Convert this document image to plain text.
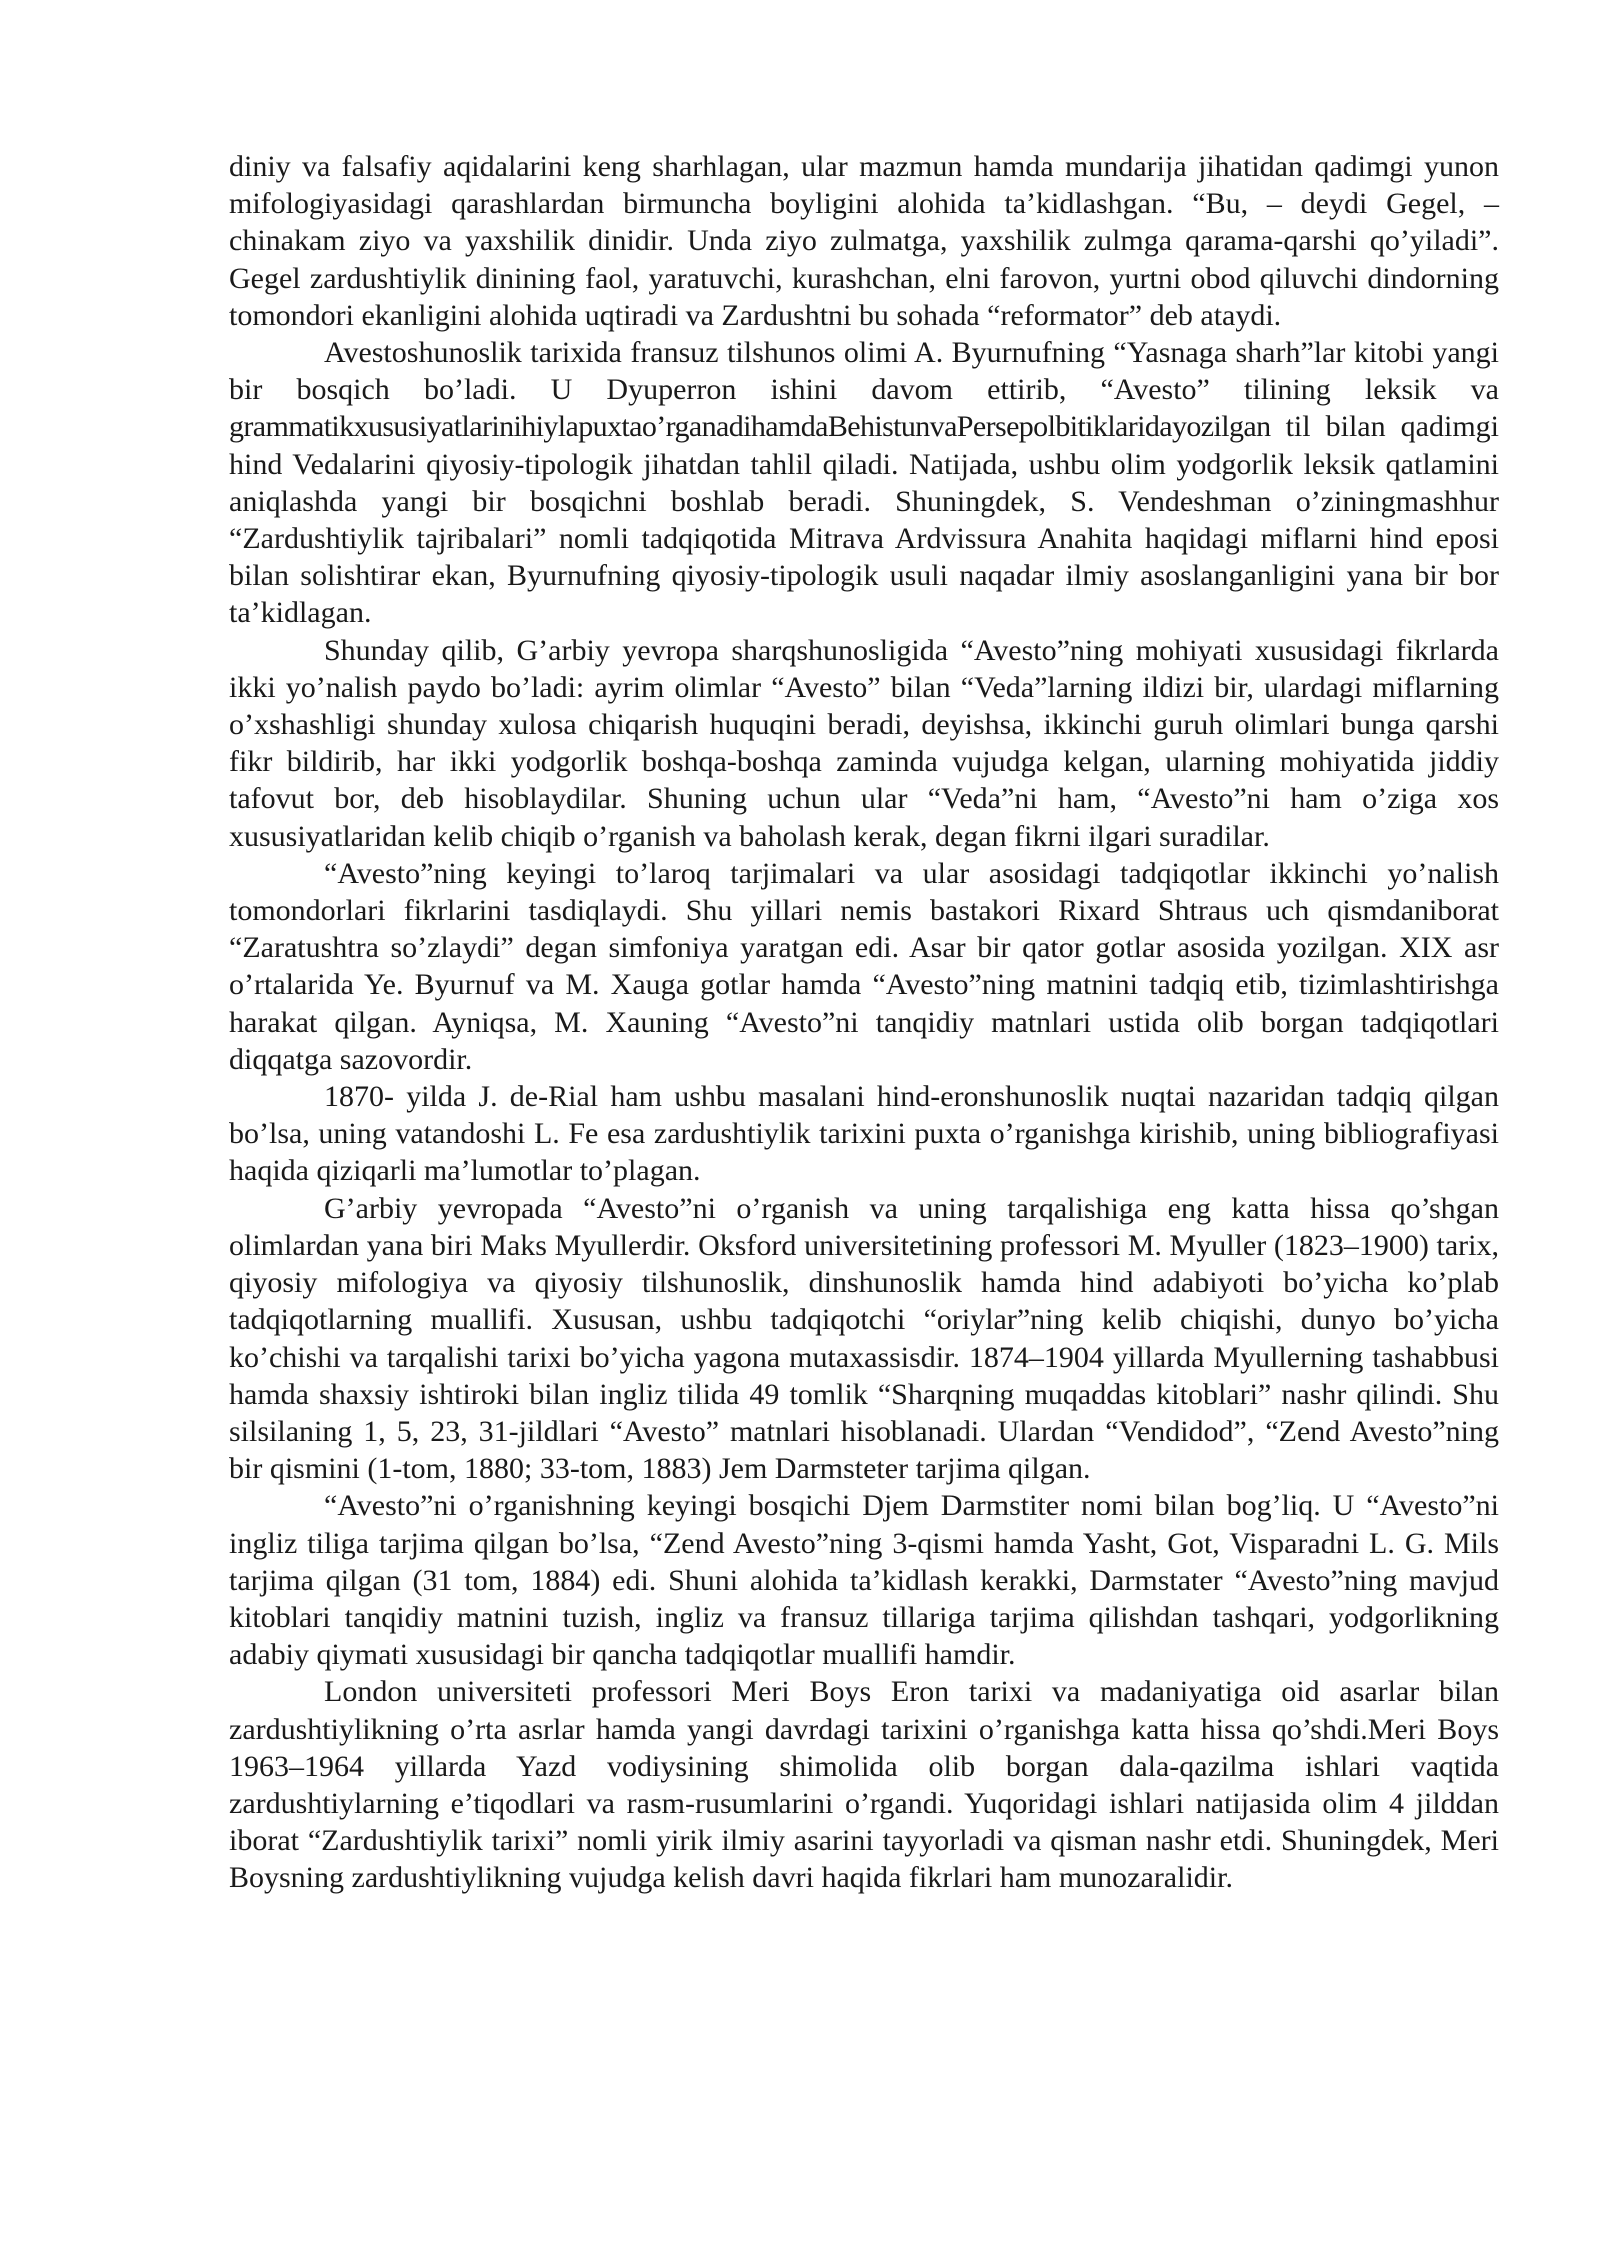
diniy va falsafiy aqidalarini keng sharhlagan, ular mazmun hamda mundarija jihatidan qadimgi yunon mifologiyasidagi qarashlardan birmuncha boyligini alohida ta’kidlashgan. “Bu, – deydi Gegel, – chinakam ziyo va yaxshilik dinidir. Unda ziyo zulmatga, yaxshilik zulmga qarama-qarshi qo’yiladi”. Gegel zardushtiylik dinining faol, yaratuvchi, kurashchan, elni farovon, yurtni obod qiluvchi dindorning tomondori ekanligini alohida uqtiradi va Zardushtni bu sohada “reformator” deb ataydi.

Avestoshunoslik tarixida fransuz tilshunos olimi A. Byurnufning “Yasnaga sharh”lar kitobi yangi bir bosqich bo’ladi. U Dyuperron ishini davom ettirib, “Avesto” tilining leksik va grammatikxususiyatlarinihiylapuxtao’rganadihamdaBehistunvaPersepolbitiklaridayozilgan til bilan qadimgi hind Vedalarini qiyosiy-tipologik jihatdan tahlil qiladi. Natijada, ushbu olim yodgorlik leksik qatlamini aniqlashda yangi bir bosqichni boshlab beradi. Shuningdek, S. Vendeshman o’ziningmashhur “Zardushtiylik tajribalari” nomli tadqiqotida Mitrava Ardvissura Anahita haqidagi miflarni hind eposi bilan solishtirar ekan, Byurnufning qiyosiy-tipologik usuli naqadar ilmiy asoslanganligini yana bir bor ta’kidlagan.

Shunday qilib, G’arbiy yevropa sharqshunosligida “Avesto”ning mohiyati xususidagi fikrlarda ikki yo’nalish paydo bo’ladi: ayrim olimlar “Avesto” bilan “Veda”larning ildizi bir, ulardagi miflarning o’xshashligi shunday xulosa chiqarish huquqini beradi, deyishsa, ikkinchi guruh olimlari bunga qarshi fikr bildirib, har ikki yodgorlik boshqa-boshqa zaminda vujudga kelgan, ularning mohiyatida jiddiy tafovut bor, deb hisoblaydilar. Shuning uchun ular “Veda”ni ham, “Avesto”ni ham o’ziga xos xususiyatlaridan kelib chiqib o’rganish va baholash kerak, degan fikrni ilgari suradilar.

“Avesto”ning keyingi to’laroq tarjimalari va ular asosidagi tadqiqotlar ikkinchi yo’nalish tomondorlari fikrlarini tasdiqlaydi. Shu yillari nemis bastakori Rixard Shtraus uch qismdaniborat “Zaratushtra so’zlaydi” degan simfoniya yaratgan edi. Asar bir qator gotlar asosida yozilgan. XIX asr o’rtalarida Ye. Byurnuf va M. Xauga gotlar hamda “Avesto”ning matnini tadqiq etib, tizimlashtirishga harakat qilgan. Ayniqsa, M. Xauning “Avesto”ni tanqidiy matnlari ustida olib borgan tadqiqotlari diqqatga sazovordir.

1870- yilda J. de-Rial ham ushbu masalani hind-eronshunoslik nuqtai nazaridan tadqiq qilgan bo’lsa, uning vatandoshi L. Fe esa zardushtiylik tarixini puxta o’rganishga kirishib, uning bibliografiyasi haqida qiziqarli ma’lumotlar to’plagan.

G’arbiy yevropada “Avesto”ni o’rganish va uning tarqalishiga eng katta hissa qo’shgan olimlardan yana biri Maks Myullerdir. Oksford universitetining professori M. Myuller (1823–1900) tarix, qiyosiy mifologiya va qiyosiy tilshunoslik, dinshunoslik hamda hind adabiyoti bo’yicha ko’plab tadqiqotlarning muallifi. Xususan, ushbu tadqiqotchi “oriylar”ning kelib chiqishi, dunyo bo’yicha ko’chishi va tarqalishi tarixi bo’yicha yagona mutaxassisdir. 1874–1904 yillarda Myullerning tashabbusi hamda shaxsiy ishtiroki bilan ingliz tilida 49 tomlik “Sharqning muqaddas kitoblari” nashr qilindi. Shu silsilaning 1, 5, 23, 31-jildlari “Avesto” matnlari hisoblanadi. Ulardan “Vendidod”, “Zend Avesto”ning bir qismini (1-tom, 1880; 33-tom, 1883) Jem Darmsteter tarjima qilgan.

“Avesto”ni o’rganishning keyingi bosqichi Djem Darmstiter nomi bilan bog’liq. U “Avesto”ni ingliz tiliga tarjima qilgan bo’lsa, “Zend Avesto”ning 3-qismi hamda Yasht, Got, Visparadni L. G. Mils tarjima qilgan (31 tom, 1884) edi. Shuni alohida ta’kidlash kerakki, Darmstater “Avesto”ning mavjud kitoblari tanqidiy matnini tuzish, ingliz va fransuz tillariga tarjima qilishdan tashqari, yodgorlikning adabiy qiymati xususidagi bir qancha tadqiqotlar muallifi hamdir.

London universiteti professori Meri Boys Eron tarixi va madaniyatiga oid asarlar bilan zardushtiylikning o’rta asrlar hamda yangi davrdagi tarixini o’rganishga katta hissa qo’shdi.Meri Boys 1963–1964 yillarda Yazd vodiysining shimolida olib borgan dala-qazilma ishlari vaqtida zardushtiylarning e’tiqodlari va rasm-rusumlarini o’rgandi. Yuqoridagi ishlari natijasida olim 4 jilddan iborat “Zardushtiylik tarixi” nomli yirik ilmiy asarini tayyorladi va qisman nashr etdi. Shuningdek, Meri Boysning zardushtiylikning vujudga kelish davri haqida fikrlari ham munozaralidir.
